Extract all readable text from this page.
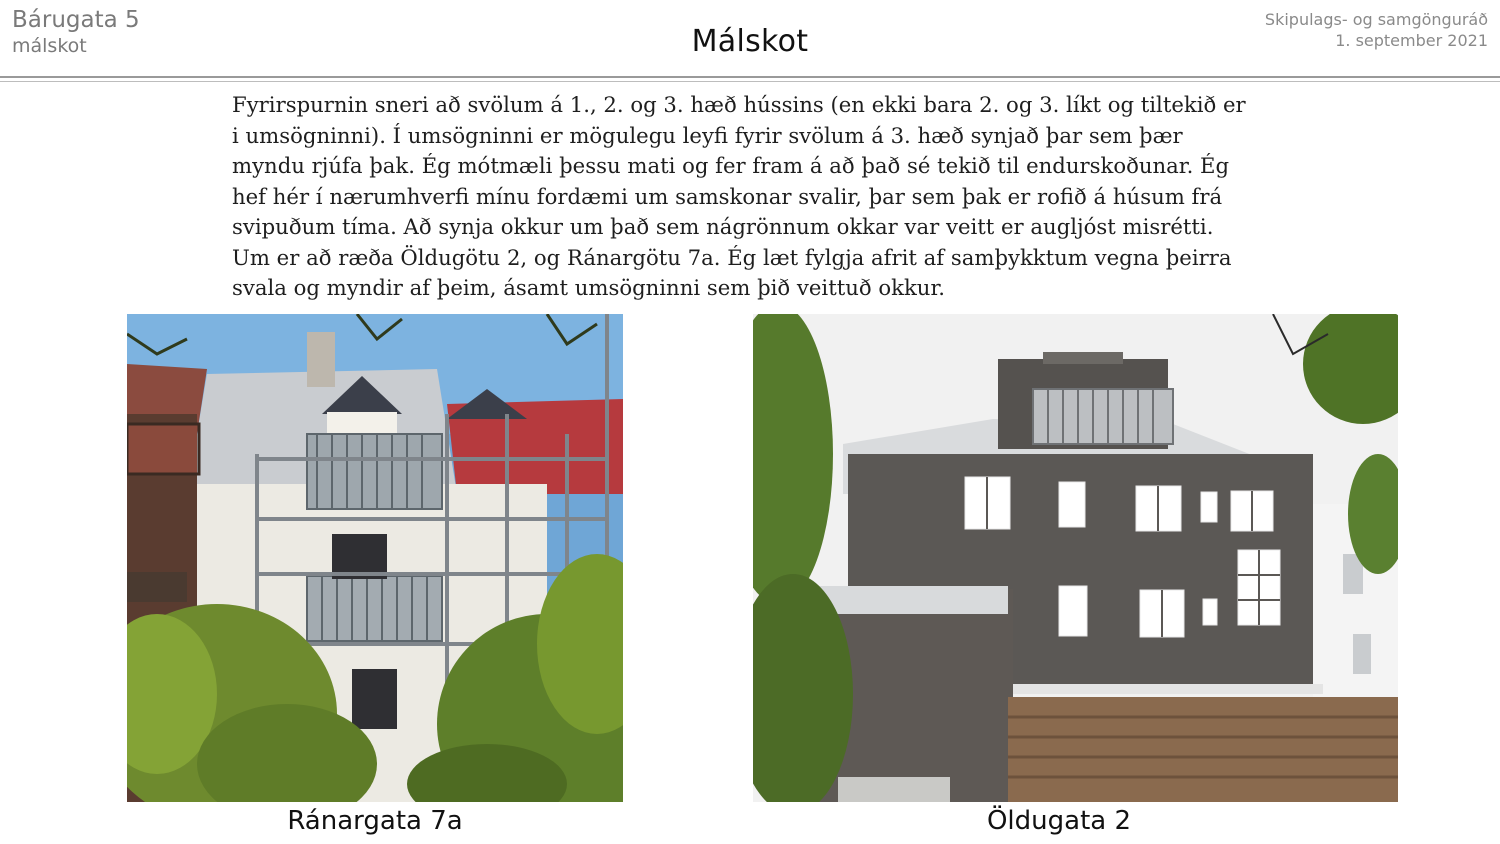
Bárugata 5
málskot	Málskot
Skipulags- og samgönguráð
1. september 2021
Fyrirspurnin sneri að svölum á 1., 2. og 3. hæð hússins (en ekki bara 2. og 3. líkt og tiltekið er
i umsögninni). Í umsögninni er mögulegu leyfi fyrir svölum á 3. hæð synjað þar sem þær
myndu rjúfa þak. Ég mótmæli þessu mati og fer fram á að það sé tekið til endurskoðunar. Ég
hef hér í nærumhverfi mínu fordæmi um samskonar svalir, þar sem þak er rofið á húsum frá
svipuðum tíma. Að synja okkur um það sem nágrönnum okkar var veitt er augljóst misrétti.
Um er að ræða Öldugötu 2, og Ránargötu 7a. Ég læt fylgja afrit af samþykktum vegna þeirra
svala og myndir af þeim, ásamt umsögninni sem þið veittuð okkur.
Ránargata 7a	Öldugata 2
